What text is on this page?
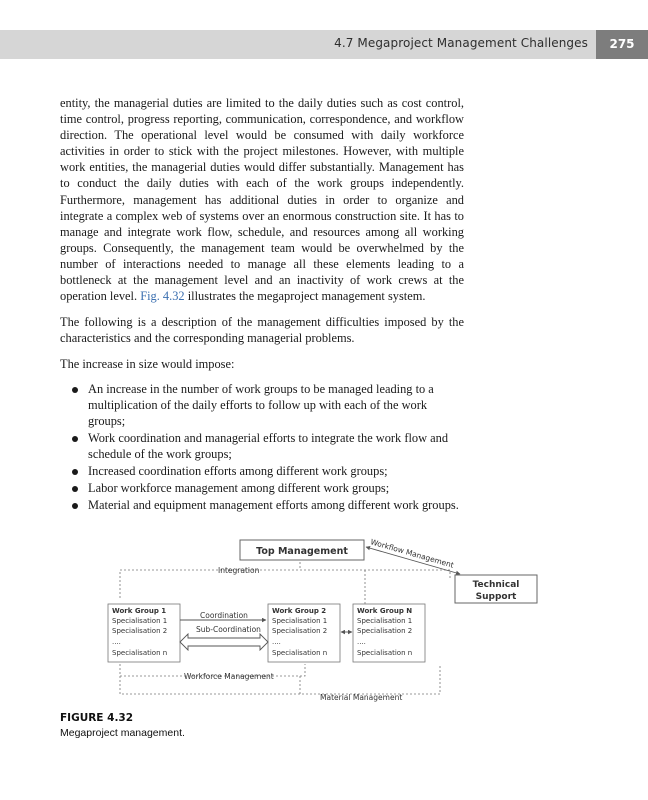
4.7 Megaproject Management Challenges	275

entity, the managerial duties are limited to the daily duties such as cost control, time control, progress reporting, communication, correspondence, and workflow direction. The operational level would be consumed with daily workforce activities in order to stick with the project milestones. However, with multiple work entities, the managerial duties would differ substantially. Management has to conduct the daily duties with each of the work groups independently. Furthermore, management has additional duties in order to organize and integrate a complex web of systems over an enormous construction site. It has to manage and integrate work flow, schedule, and resources among all working groups. Consequently, the management team would be overwhelmed by the number of interactions needed to manage all these elements leading to a bottleneck at the management level and an inactivity of work crews at the operation level. Fig. 4.32 illustrates the megaproject management system.

The following is a description of the management difficulties imposed by the characteristics and the corresponding managerial problems.

The increase in size would impose:

An increase in the number of work groups to be managed leading to a multiplication of the daily efforts to follow up with each of the work groups;
Work coordination and managerial efforts to integrate the work flow and schedule of the work groups;
Increased coordination efforts among different work groups;
Labor workforce management among different work groups;
Material and equipment management efforts among different work groups.
Top Management	Workflow Management
Technical
Support
Integration
Work Group 1
Specialisation 1
Specialisation 2
....
Specialisation n
Work Group 2
Specialisation 1
Specialisation 2
....
Specialisation n
Work Group N
Specialisation 1
Specialisation 2
....
Specialisation n
Coordination
Sub-Coordination
Workforce Management
Material Management
FIGURE 4.32
Megaproject management.
